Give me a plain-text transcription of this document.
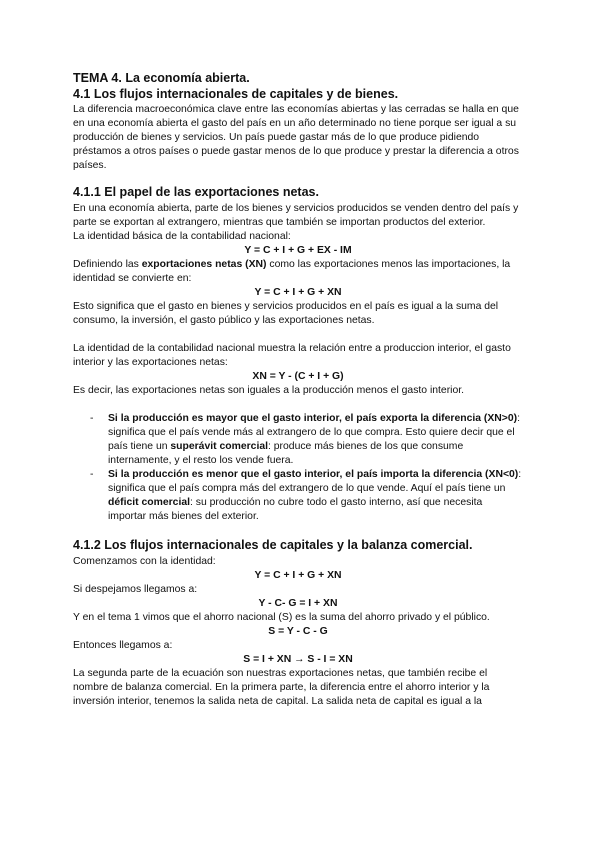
TEMA 4. La economía abierta.
4.1 Los flujos internacionales de capitales y de bienes.

La diferencia macroeconómica clave entre las economías abiertas y las cerradas se halla en que en una economía abierta el gasto del país en un año determinado no tiene porque ser igual a su producción de bienes y servicios. Un país puede gastar más de lo que produce pidiendo préstamos a otros países o puede gastar menos de lo que produce y prestar la diferencia a otros países.

4.1.1 El papel de las exportaciones netas.

En una economía abierta, parte de los bienes y servicios producidos se venden dentro del país y parte se exportan al extrangero, mientras que también se importan productos del exterior.

La identidad básica de la contabilidad nacional:

Y = C + I + G + EX - IM

Definiendo las exportaciones netas (XN) como las exportaciones menos las importaciones, la identidad se convierte en:

Y = C + I + G + XN

Esto significa que el gasto en bienes y servicios producidos en el país es igual a la suma del consumo, la inversión, el gasto público y las exportaciones netas.

La identidad de la contabilidad nacional muestra la relación entre a produccion interior, el gasto interior y las exportaciones netas:

XN = Y - (C + I + G)

Es decir, las exportaciones netas son iguales a la producción menos el gasto interior.

- Si la producción es mayor que el gasto interior, el país exporta la diferencia (XN>0): significa que el país vende más al extrangero de lo que compra. Esto quiere decir que el país tiene un superávit comercial: produce más bienes de los que consume internamente, y el resto los vende fuera.
- Si la producción es menor que el gasto interior, el país importa la diferencia (XN<0): significa que el país compra más del extrangero de lo que vende. Aquí el país tiene un déficit comercial: su producción no cubre todo el gasto interno, así que necesita importar más bienes del exterior.
4.1.2 Los flujos internacionales de capitales y la balanza comercial.

Comenzamos con la identidad:

Y = C + I + G + XN

Si despejamos llegamos a:

Y - C- G = I + XN

Y en el tema 1 vimos que el ahorro nacional (S) es la suma del ahorro privado y el público.

S = Y - C - G

Entonces llegamos a:

S = I + XN → S - I = XN

La segunda parte de la ecuación son nuestras exportaciones netas, que también recibe el nombre de balanza comercial. En la primera parte, la diferencia entre el ahorro interior y la inversión interior, tenemos la salida neta de capital. La salida neta de capital es igual a la
